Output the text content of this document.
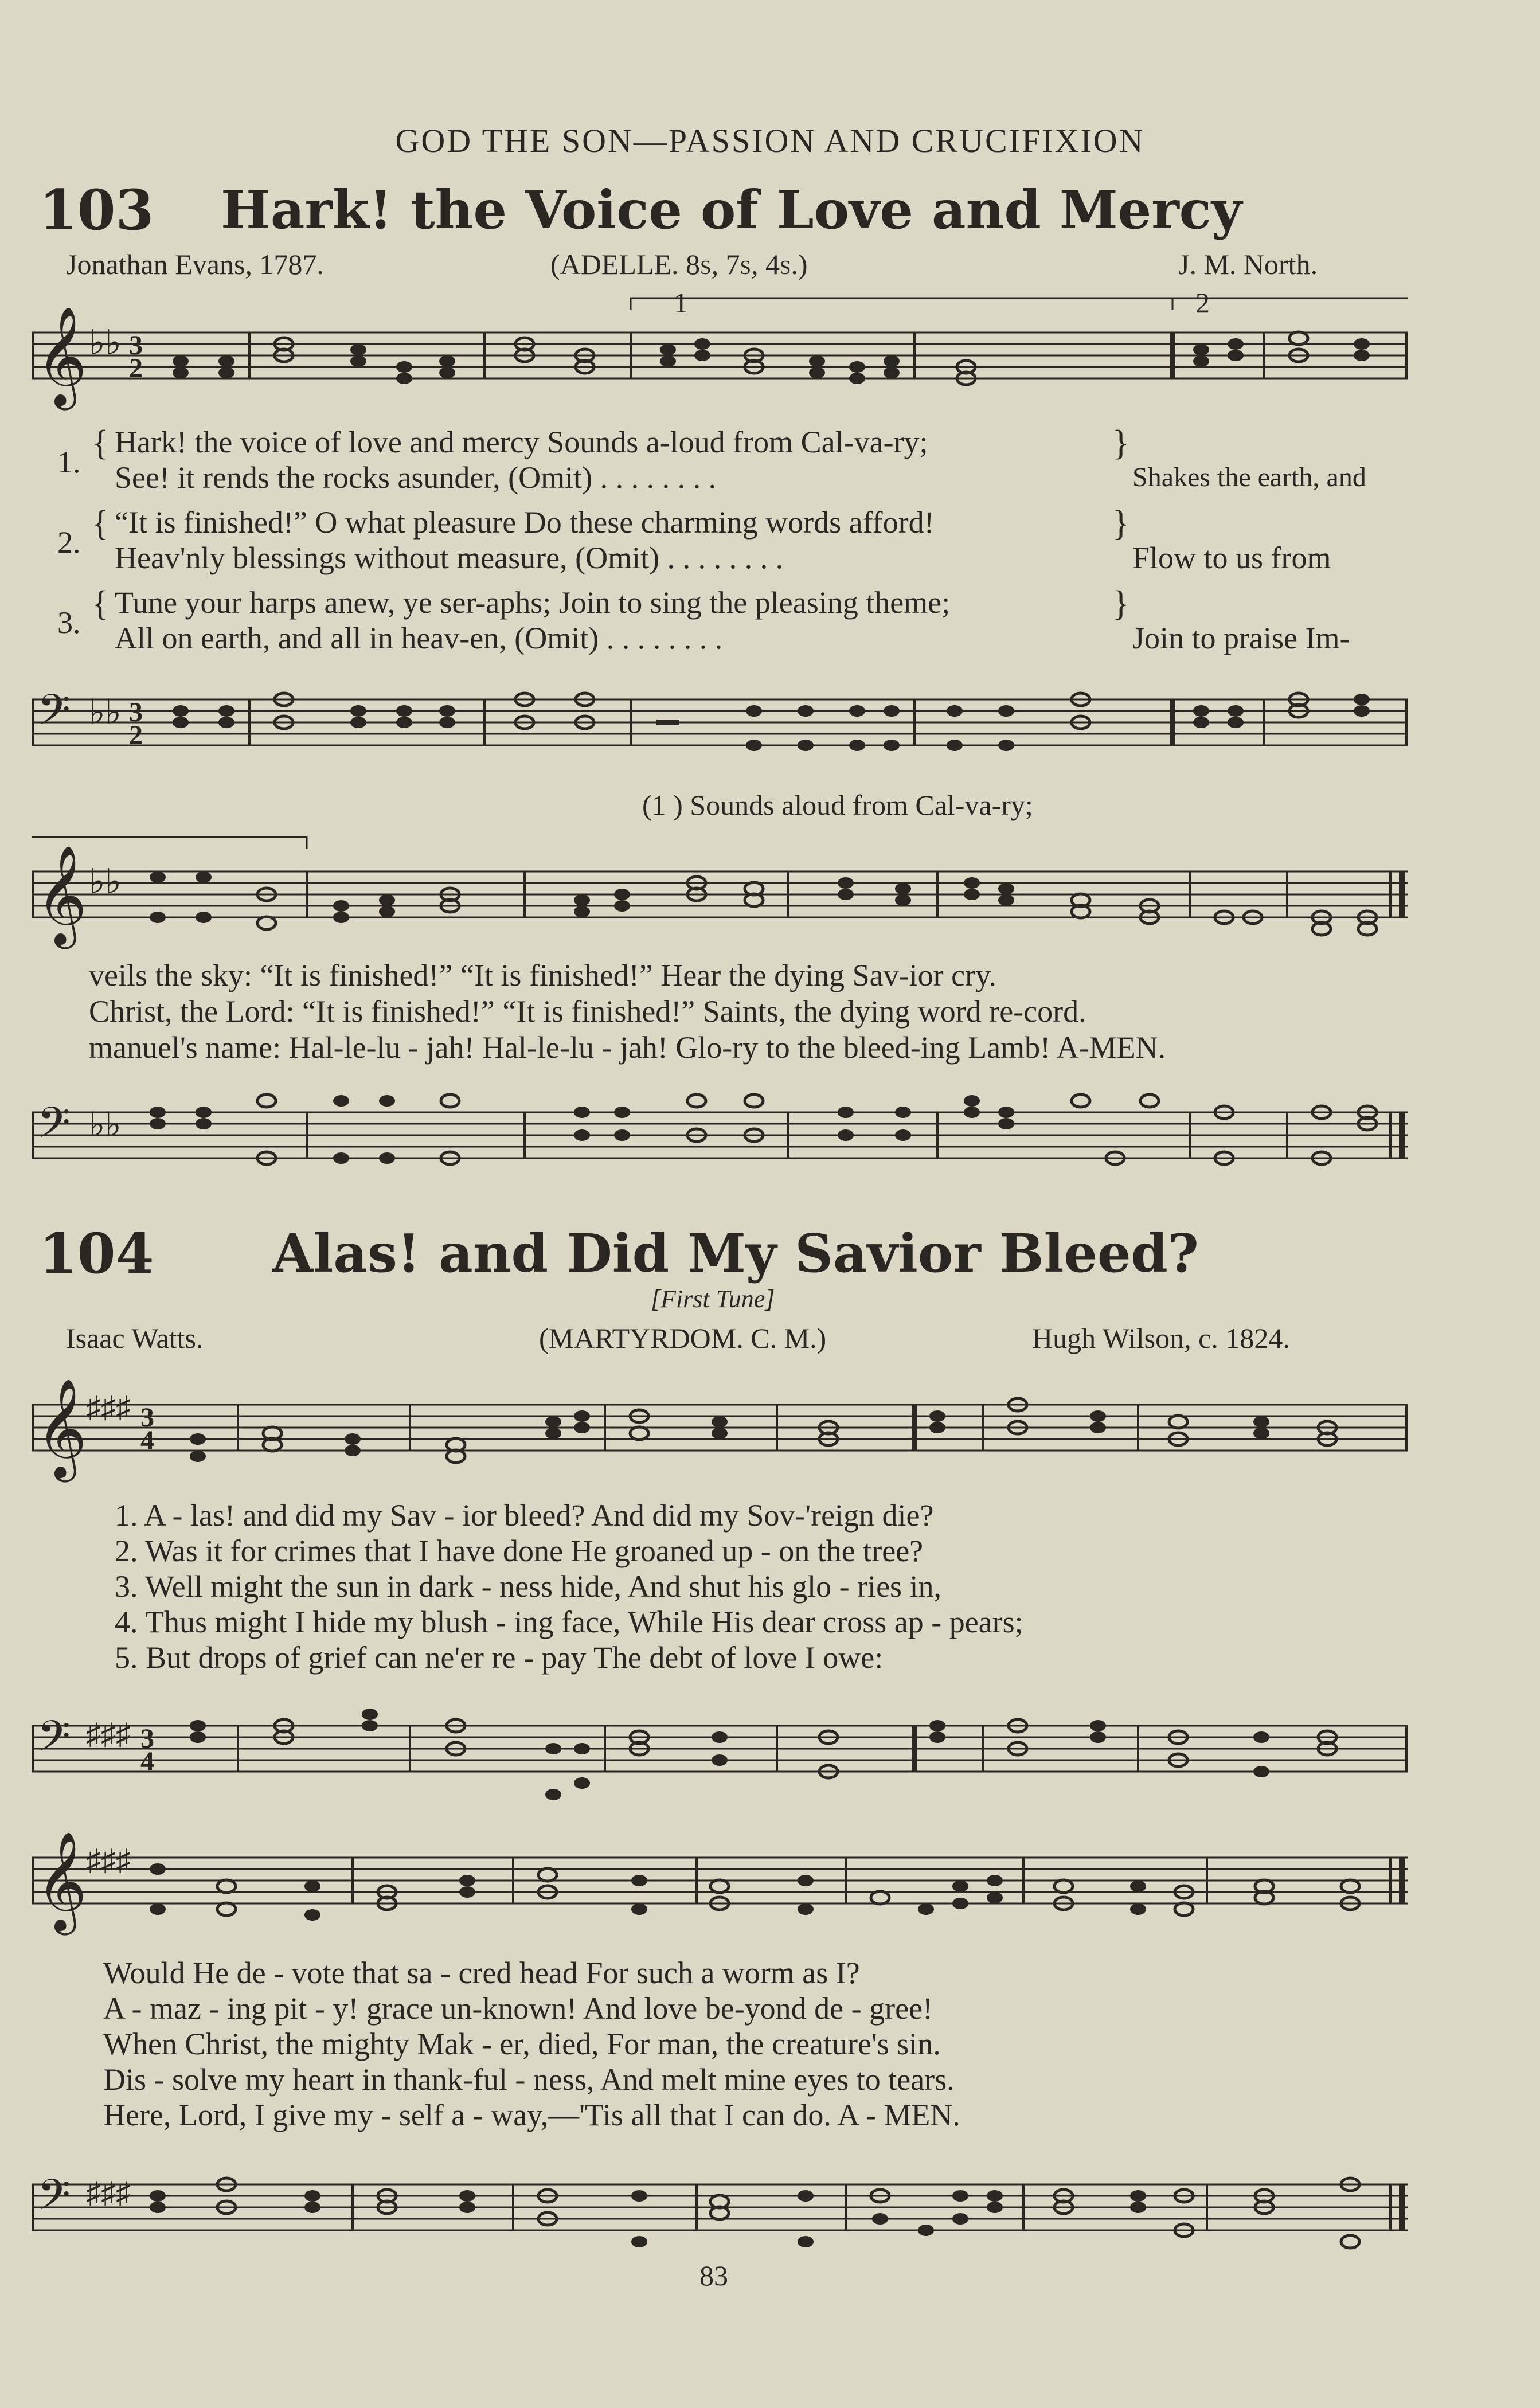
GOD THE SON—PASSION AND CRUCIFIXION
103 Hark! the Voice of Love and Mercy
Jonathan Evans, 1787.	(ADELLE. 8s, 7s, 4s.)	J. M. North.
𝄞 ♭♭ 3
2
1	2
1. { Hark! the voice of love and mercy Sounds a-loud from Cal-va-ry;
See! it rends the rocks asunder, (Omit) . . . . . . . .
}
Shakes the earth, and
2. { “It is finished!” O what pleasure Do these charming words afford!
Heav'nly blessings without measure, (Omit) . . . . . . . .
}
Flow to us from
3. { Tune your harps anew, ye ser-aphs; Join to sing the pleasing theme;
All on earth, and all in heav-en, (Omit) . . . . . . . .
}
Join to praise Im-
𝄢 ♭♭ 3
2
(1 ) Sounds aloud from Cal-va-ry;
𝄞 ♭♭
veils the sky: “It is finished!” “It is finished!” Hear the dying Sav-ior cry.
Christ, the Lord: “It is finished!” “It is finished!” Saints, the dying word re-cord.
manuel's name: Hal-le-lu - jah! Hal-le-lu - jah! Glo-ry to the bleed-ing Lamb! A-MEN.
𝄢 ♭♭
104 Alas! and Did My Savior Bleed?
[First Tune]
Isaac Watts.	(MARTYRDOM. C. M.)	Hugh Wilson, c. 1824.
𝄞
♯♯♯ 3
4
1. A - las! and did my Sav - ior bleed? And did my Sov-'reign die?
2. Was it for crimes that I have done He groaned up - on the tree?
3. Well might the sun in dark - ness hide, And shut his glo - ries in,
4. Thus might I hide my blush - ing face, While His dear cross ap - pears;
5. But drops of grief can ne'er re - pay The debt of love I owe:
𝄢 ♯♯♯ 3
4
𝄞
♯♯♯
Would He de - vote that sa - cred head For such a worm as I?
A - maz - ing pit - y! grace un-known! And love be-yond de - gree!
When Christ, the mighty Mak - er, died, For man, the creature's sin.
Dis - solve my heart in thank-ful - ness, And melt mine eyes to tears.
Here, Lord, I give my - self a - way,—'Tis all that I can do. A - MEN.
𝄢 ♯♯♯
83
